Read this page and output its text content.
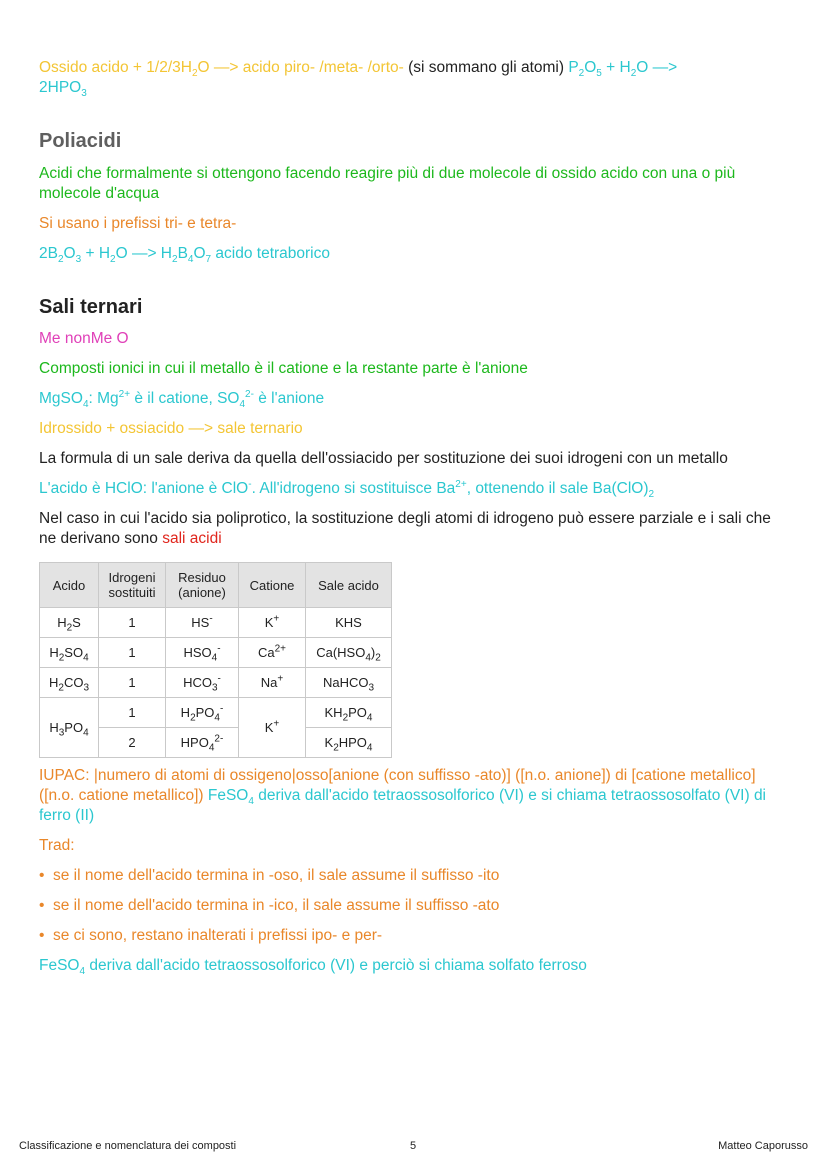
Ossido acido + $1/2/3H_2O$ —> acido piro- /meta- /orto- (si sommano gli atomi) $P_2O_5 + H_2O$ —>
$2HPO_3$

Poliacidi

Acidi che formalmente si ottengono facendo reagire più di due molecole di ossido acido con una o più molecole d'acqua

Si usano i prefissi tri- e tetra-

$2B_2O_3 + H_2O$ —> $H_2B_4O_7$ acido tetraborico

Sali ternari

Me nonMe O

Composti ionici in cui il metallo è il catione e la restante parte è l'anione

MgSO$_4$: $Mg^{2+}$ è il catione, $SO_4^{2-}$ è l'anione

Idrossido + ossiacido —> sale ternario

La formula di un sale deriva da quella dell'ossiacido per sostituzione dei suoi idrogeni con un metallo

L'acido è HClO: l'anione è ClO-. All'idrogeno si sostituisce $Ba^{2+}$, ottenendo il sale $Ba(ClO)_2$

Nel caso in cui l'acido sia poliprotico, la sostituzione degli atomi di idrogeno può essere parziale e i sali che ne derivano sono sali acidi

Acido	Idrogeni sostituiti	Residuo (anione)	Catione	Sale acido
$H_2S$	1	HS-	K+	KHS
$H_2SO_4$	1	$HSO_4^-$	$Ca^{2+}$	$Ca(HSO_4)_2$
$H_2CO_3$	1	$HCO_3^-$	Na+	NaHCO$_3$
$H_3PO_4$	1	$H_2PO_4^-$	K+	$KH_2PO_4$
	2	$HPO_4^{2-}$		$K_2HPO_4$

IUPAC: |numero di atomi di ossigeno|osso[anione (con suffisso -ato)] ([n.o. anione]) di [catione metallico] ([n.o. catione metallico]) FeSO$_4$ deriva dall'acido tetraossosolforico (VI) e si chiama tetraossosolfato (VI) di ferro (II)

Trad:

• se il nome dell'acido termina in -oso, il sale assume il suffisso -ito

• se il nome dell'acido termina in -ico, il sale assume il suffisso -ato

• se ci sono, restano inalterati i prefissi ipo- e per-

FeSO$_4$ deriva dall'acido tetraossosolforico (VI) e perciò si chiama solfato ferroso

Classificazione e nomenclatura dei composti	5	Matteo Caporusso
